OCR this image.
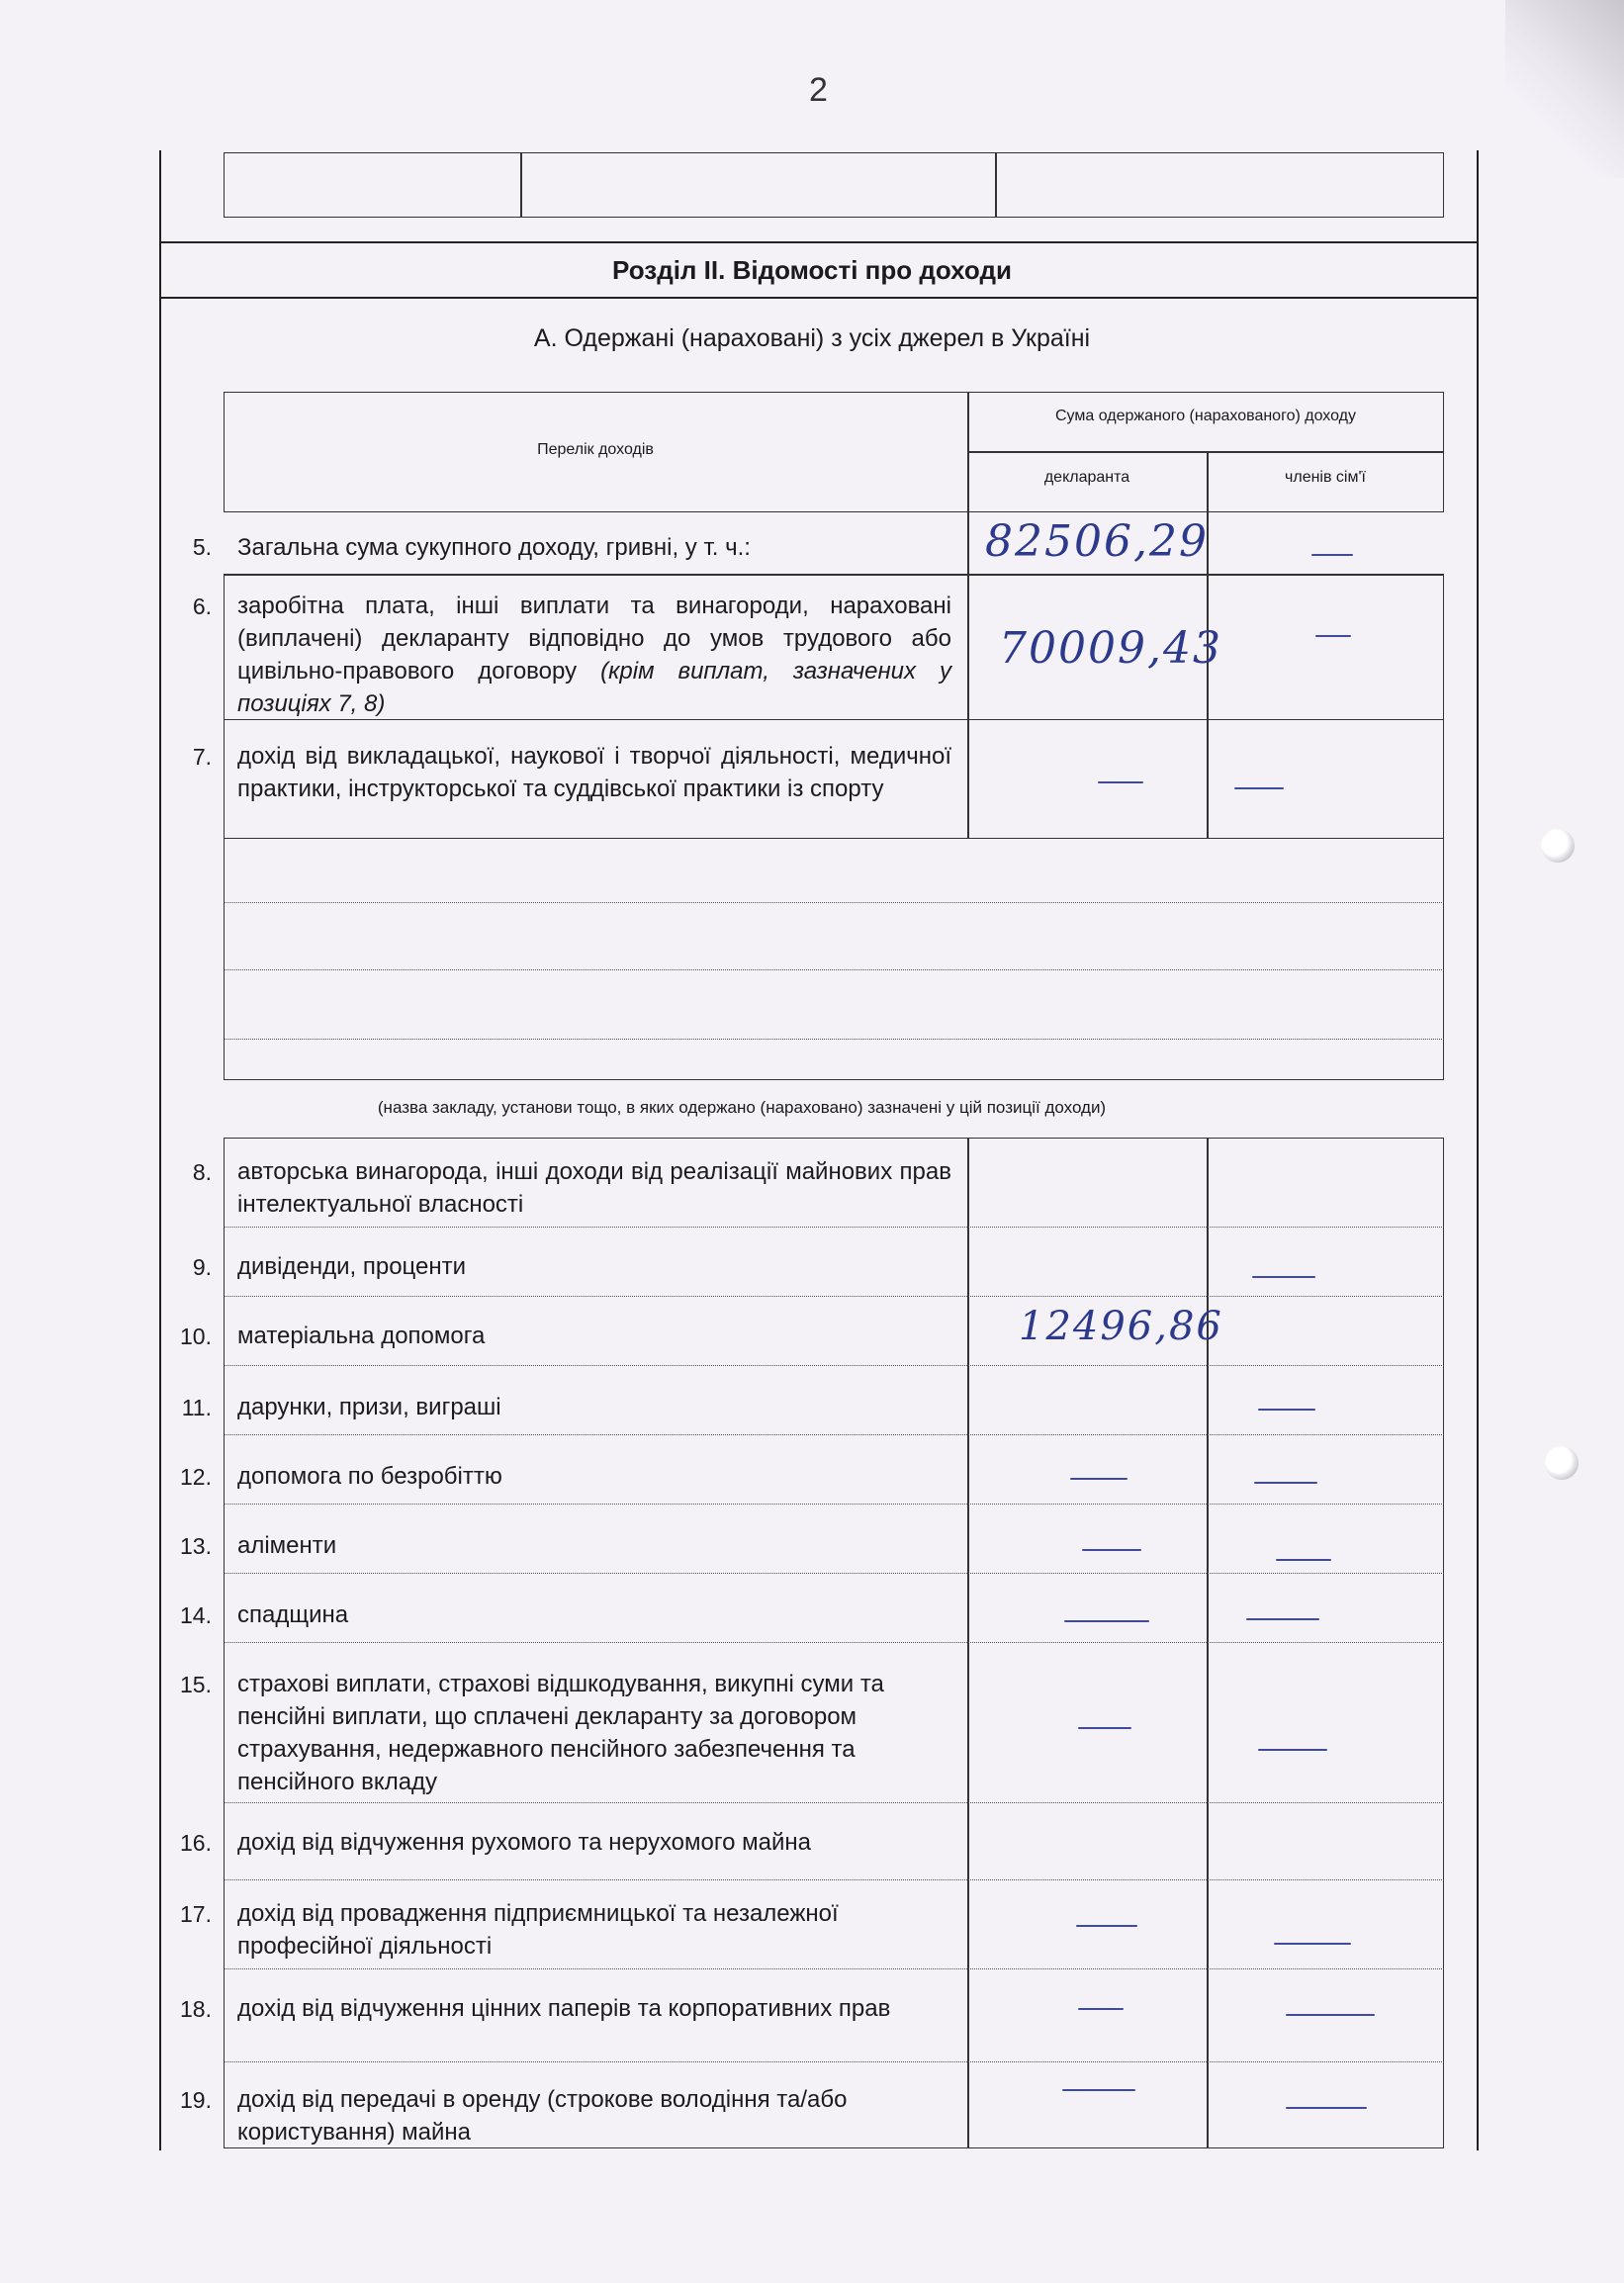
2
Розділ ІІ. Відомості про доходи
А. Одержані (нараховані) з усіх джерел в Україні
Перелік доходів
Сума одержаного (нарахованого) доходу
декларанта	членів сім'ї
5. Загальна сума сукупного доходу, гривні, у т. ч.:	82506,29
6. заробітна плата, інші виплати та винагороди, нараховані (виплачені) декларанту відповідно до умов трудового або цивільно-правового договору (крім виплат, зазначених у позиціях 7, 8)
70009,43
7. дохід від викладацької, наукової і творчої діяльності, медичної практики, інструкторської та суддівської практики із спорту
(назва закладу, установи тощо, в яких одержано (нараховано) зазначені у цій позиції доходи)
8. авторська винагорода, інші доходи від реалізації майнових прав інтелектуальної власності
9. дивіденди, проценти
10. матеріальна допомога	12496,86
11. дарунки, призи, виграші
12. допомога по безробіттю
13. аліменти
14. спадщина
15. страхові виплати, страхові відшкодування, викупні суми та пенсійні виплати, що сплачені декларанту за договором страхування, недержавного пенсійного забезпечення та пенсійного вкладу
16. дохід від відчуження рухомого та нерухомого майна
17. дохід від провадження підприємницької та незалежної професійної діяльності
18. дохід від відчуження цінних паперів та корпоративних прав
19. дохід від передачі в оренду (строкове володіння та/або користування) майна
